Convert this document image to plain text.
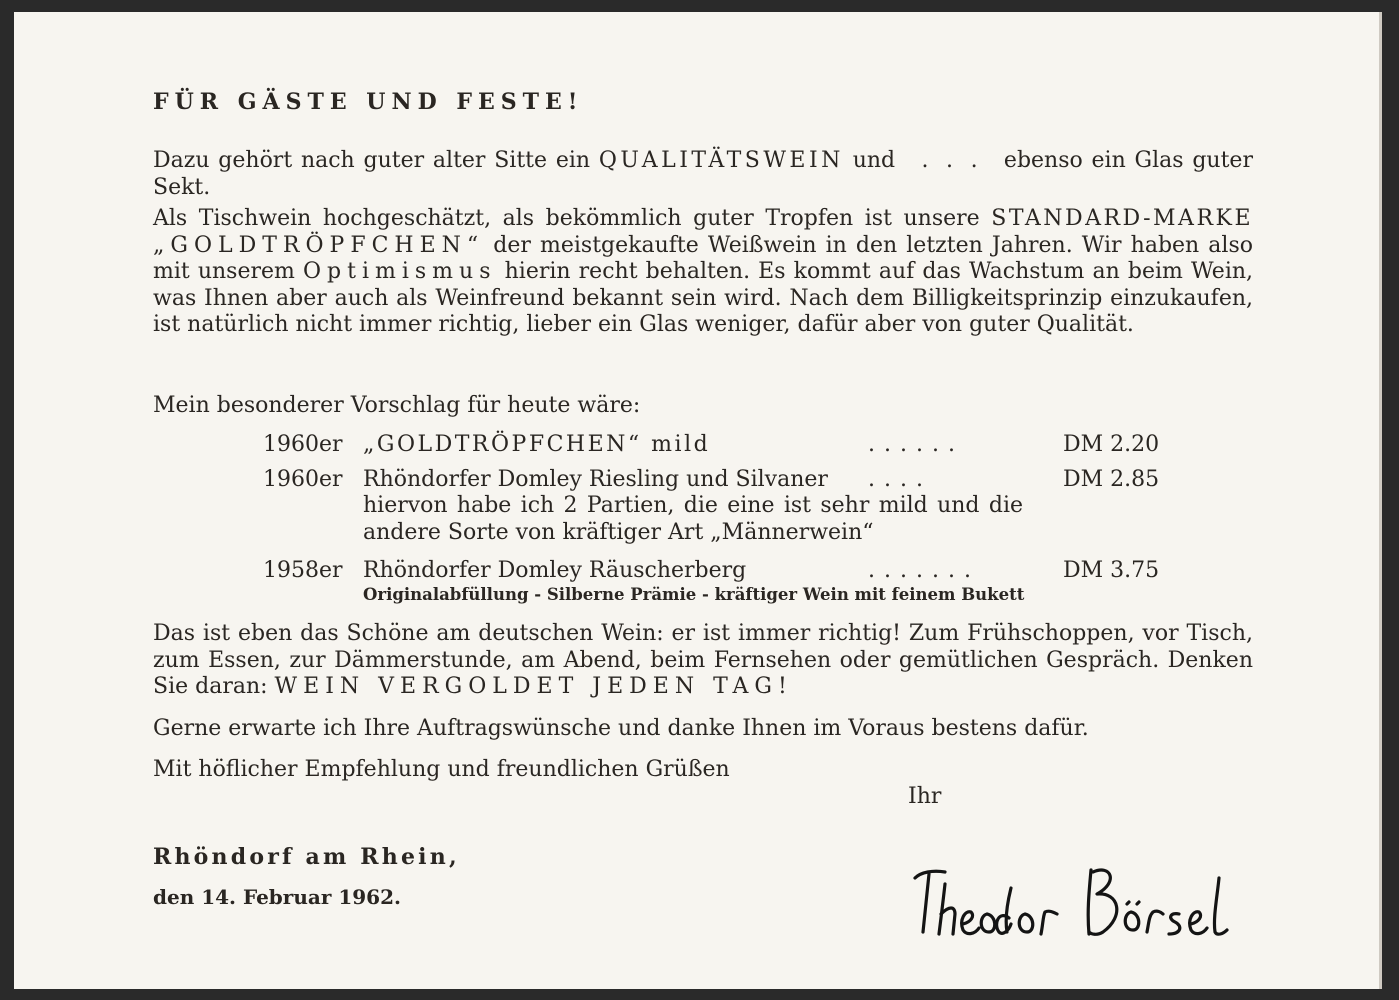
FÜR GÄSTE UND FESTE!

Dazu gehört nach guter alter Sitte ein QUALITÄTSWEIN und   .  .  .   ebenso ein Glas guter Sekt.

Als Tischwein hochgeschätzt, als bekömmlich guter Tropfen ist unsere STANDARD-MARKE „GOLDTRÖPFCHEN“ der meistgekaufte Weißwein in den letzten Jahren. Wir haben also mit unserem Optimismus hierin recht behalten. Es kommt auf das Wachstum an beim Wein, was Ihnen aber auch als Weinfreund bekannt sein wird. Nach dem Billigkeitsprinzip einzukaufen, ist natürlich nicht immer richtig, lieber ein Glas weniger, dafür aber von guter Qualität.

Mein besonderer Vorschlag für heute wäre:

1960er „GOLDTRÖPFCHEN“ mild	......	DM 2.20
1960er Rhöndorfer Domley Riesling und Silvaner	....	DM 2.85
hiervon habe ich 2 Partien, die eine ist sehr mild und die andere Sorte von kräftiger Art „Männerwein“
1958er Rhöndorfer Domley Räuscherberg	.......	DM 3.75
Originalabfüllung - Silberne Prämie - kräftiger Wein mit feinem Bukett

Das ist eben das Schöne am deutschen Wein: er ist immer richtig! Zum Frühschoppen, vor Tisch, zum Essen, zur Dämmerstunde, am Abend, beim Fernsehen oder gemütlichen Gespräch. Denken Sie daran: WEIN VERGOLDET JEDEN TAG!

Gerne erwarte ich Ihre Auftragswünsche und danke Ihnen im Voraus bestens dafür.

Mit höflicher Empfehlung und freundlichen Grüßen

Ihr
Rhöndorf am Rhein,
den 14. Februar 1962.
